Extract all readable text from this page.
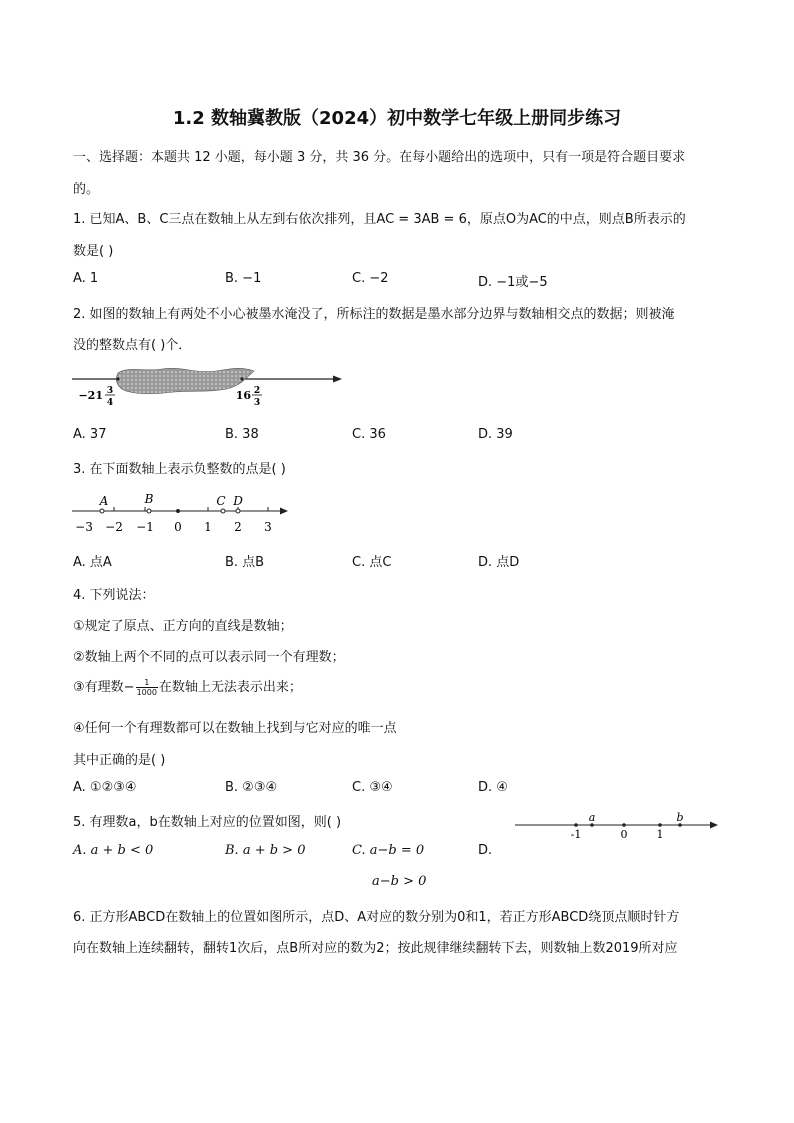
1.2 数轴冀教版（2024）初中数学七年级上册同步练习
一、选择题：本题共 12 小题，每小题 3 分，共 36 分。在每小题给出的选项中，只有一项是符合题目要求
的。
1. 已知A、B、C三点在数轴上从左到右依次排列，且AC = 3AB = 6，原点O为AC的中点，则点B所表示的
数是( )
A. 1	B. −1	C. −2	D. −1或−5
2. 如图的数轴上有两处不小心被墨水淹没了，所标注的数据是墨水部分边界与数轴相交点的数据；则被淹
没的整数点有( )个．
−21 3
4
16 2
3
A. 37	B. 38	C. 36	D. 39
3. 在下面数轴上表示负整数的点是( )
−3 −2 −1 0 1 2 3
A	B	C D
A. 点A	B. 点B	C. 点C	D. 点D
4. 下列说法：
①规定了原点、正方向的直线是数轴；
②数轴上两个不同的点可以表示同一个有理数；
③有理数− $\frac{1}{1000}$ 在数轴上无法表示出来；
④任何一个有理数都可以在数轴上找到与它对应的唯一点
其中正确的是( )
A. ①②③④	B. ②③④	C. ③④	D. ④
5. 有理数a，b在数轴上对应的位置如图，则( )
-1	0	1
a	b
A. a + b < 0	B. a + b > 0	C. a−b = 0	D.
a−b > 0
6. 正方形ABCD在数轴上的位置如图所示，点D、A对应的数分别为0和1，若正方形ABCD绕顶点顺时针方
向在数轴上连续翻转，翻转1次后，点B所对应的数为2；按此规律继续翻转下去，则数轴上数2019所对应
